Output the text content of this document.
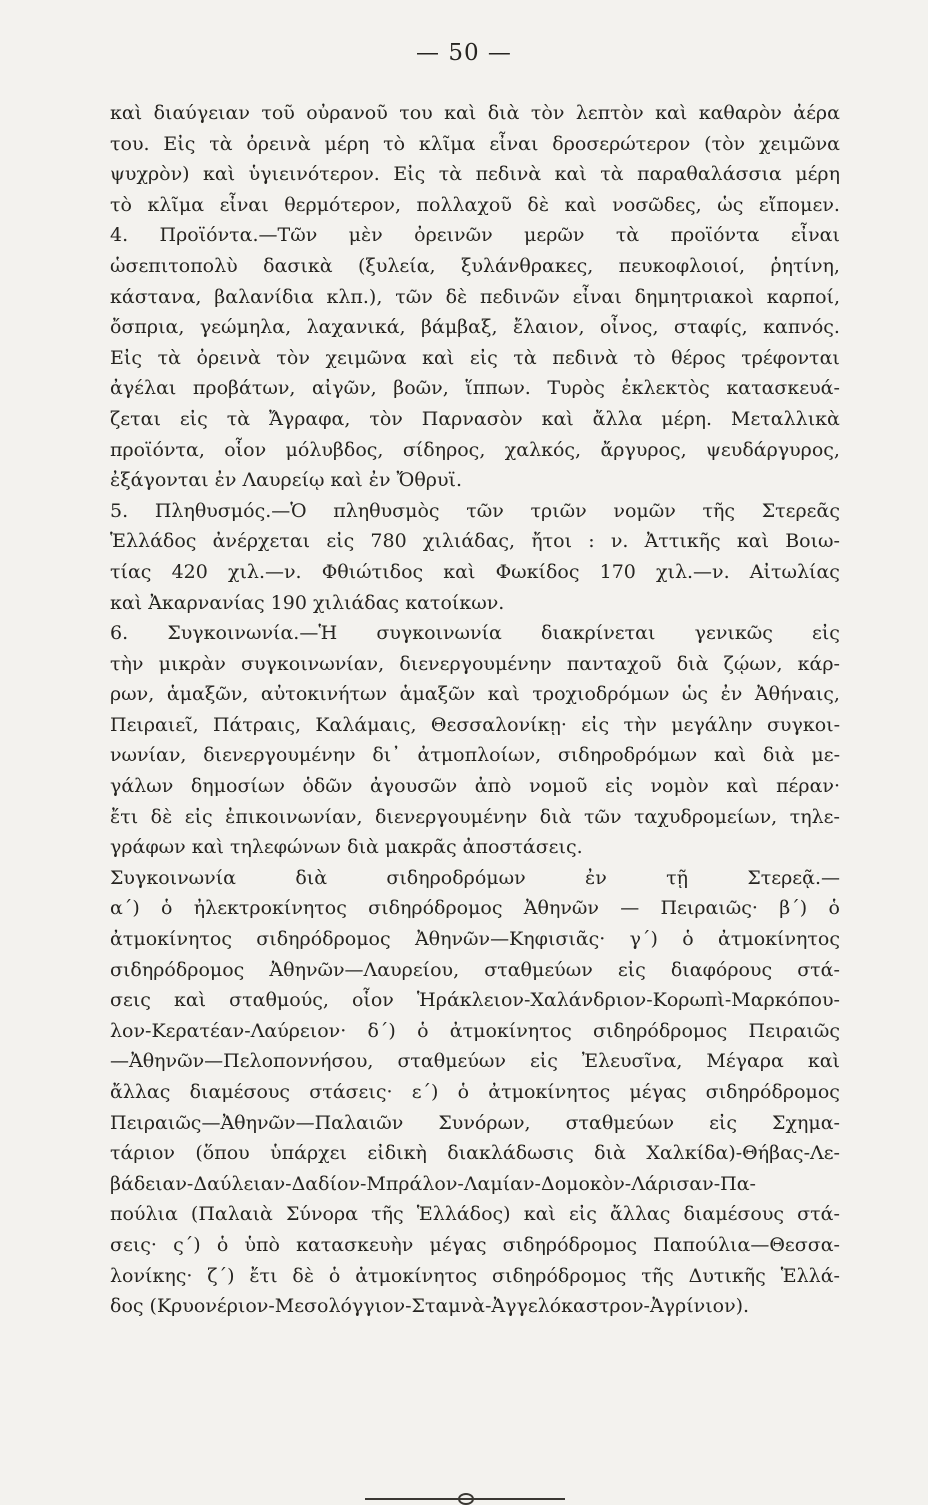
— 50 —
καὶ διαύγειαν τοῦ οὐρανοῦ του καὶ διὰ τὸν λεπτὸν καὶ καθαρὸν ἀέρα
του. Εἰς τὰ ὀρεινὰ μέρη τὸ κλῖμα εἶναι δροσερώτερον (τὸν χειμῶνα
ψυχρὸν) καὶ ὑγιεινότερον. Εἰς τὰ πεδινὰ καὶ τὰ παραθαλάσσια μέρη
τὸ κλῖμα εἶναι θερμότερον, πολλαχοῦ δὲ καὶ νοσῶδες, ὡς εἴπομεν.
4. Προϊόντα.—Τῶν μὲν ὀρεινῶν μερῶν τὰ προϊόντα εἶναι
ὡσεπιτοπολὺ δασικὰ (ξυλεία, ξυλάνθρακες, πευκοφλοιοί, ῥητίνη,
κάστανα, βαλανίδια κλπ.), τῶν δὲ πεδινῶν εἶναι δημητριακοὶ καρποί,
ὄσπρια, γεώμηλα, λαχανικά, βάμβαξ, ἔλαιον, οἶνος, σταφίς, καπνός.
Εἰς τὰ ὀρεινὰ τὸν χειμῶνα καὶ εἰς τὰ πεδινὰ τὸ θέρος τρέφονται
ἀγέλαι προβάτων, αἰγῶν, βοῶν, ἵππων. Τυρὸς ἐκλεκτὸς κατασκευά-
ζεται εἰς τὰ Ἄγραφα, τὸν Παρνασὸν καὶ ἄλλα μέρη. Μεταλλικὰ
προϊόντα, οἷον μόλυβδος, σίδηρος, χαλκός, ἄργυρος, ψευδάργυρος,
ἐξάγονται ἐν Λαυρείῳ καὶ ἐν Ὄθρυϊ.
5. Πληθυσμός.—Ὁ πληθυσμὸς τῶν τριῶν νομῶν τῆς Στερεᾶς
Ἑλλάδος ἀνέρχεται εἰς 780 χιλιάδας, ἤτοι : ν. Ἀττικῆς καὶ Βοιω-
τίας 420 χιλ.—ν. Φθιώτιδος καὶ Φωκίδος 170 χιλ.—ν. Αἰτωλίας
καὶ Ἀκαρνανίας 190 χιλιάδας κατοίκων.
6. Συγκοινωνία.—Ἡ συγκοινωνία διακρίνεται γενικῶς εἰς
τὴν μικρὰν συγκοινωνίαν, διενεργουμένην πανταχοῦ διὰ ζῴων, κάρ-
ρων, ἁμαξῶν, αὐτοκινήτων ἁμαξῶν καὶ τροχιοδρόμων ὡς ἐν Ἀθήναις,
Πειραιεῖ, Πάτραις, Καλάμαις, Θεσσαλονίκῃ· εἰς τὴν μεγάλην συγκοι-
νωνίαν, διενεργουμένην δι᾽ ἀτμοπλοίων, σιδηροδρόμων καὶ διὰ με-
γάλων δημοσίων ὁδῶν ἀγουσῶν ἀπὸ νομοῦ εἰς νομὸν καὶ πέραν·
ἔτι δὲ εἰς ἐπικοινωνίαν, διενεργουμένην διὰ τῶν ταχυδρομείων, τηλε-
γράφων καὶ τηλεφώνων διὰ μακρᾶς ἀποστάσεις.
Συγκοινωνία	διὰ	σιδηροδρόμων	ἐν	τῇ	Στερεᾷ.—
α΄) ὁ ἠλεκτροκίνητος σιδηρόδρομος Ἀθηνῶν — Πειραιῶς· β΄) ὁ
ἀτμοκίνητος σιδηρόδρομος Ἀθηνῶν—Κηφισιᾶς· γ΄) ὁ ἀτμοκίνητος
σιδηρόδρομος Ἀθηνῶν—Λαυρείου, σταθμεύων εἰς διαφόρους στά-
σεις καὶ σταθμούς, οἷον Ἡράκλειον-Χαλάνδριον-Κορωπὶ-Μαρκόπου-
λον-Κερατέαν-Λαύρειον· δ΄) ὁ ἀτμοκίνητος σιδηρόδρομος Πειραιῶς
—Ἀθηνῶν—Πελοποννήσου, σταθμεύων εἰς Ἐλευσῖνα, Μέγαρα καὶ
ἄλλας διαμέσους στάσεις· ε΄) ὁ ἀτμοκίνητος μέγας σιδηρόδρομος
Πειραιῶς—Ἀθηνῶν—Παλαιῶν Συνόρων, σταθμεύων εἰς Σχημα-
τάριον (ὅπου ὑπάρχει εἰδικὴ διακλάδωσις διὰ Χαλκίδα)-Θήβας-Λε-
βάδειαν-Δαύλειαν-Δαδίον-Μπράλον-Λαμίαν-Δομοκὸν-Λάρισαν-Πα-
πούλια (Παλαιὰ Σύνορα τῆς Ἑλλάδος) καὶ εἰς ἄλλας διαμέσους στά-
σεις· ς΄) ὁ ὑπὸ κατασκευὴν μέγας σιδηρόδρομος Παπούλια—Θεσσα-
λονίκης· ζ΄) ἔτι δὲ ὁ ἀτμοκίνητος σιδηρόδρομος τῆς Δυτικῆς Ἑλλά-
δος (Κρυονέριον-Μεσολόγγιον-Σταμνὰ-Ἀγγελόκαστρον-Ἀγρίνιον).
